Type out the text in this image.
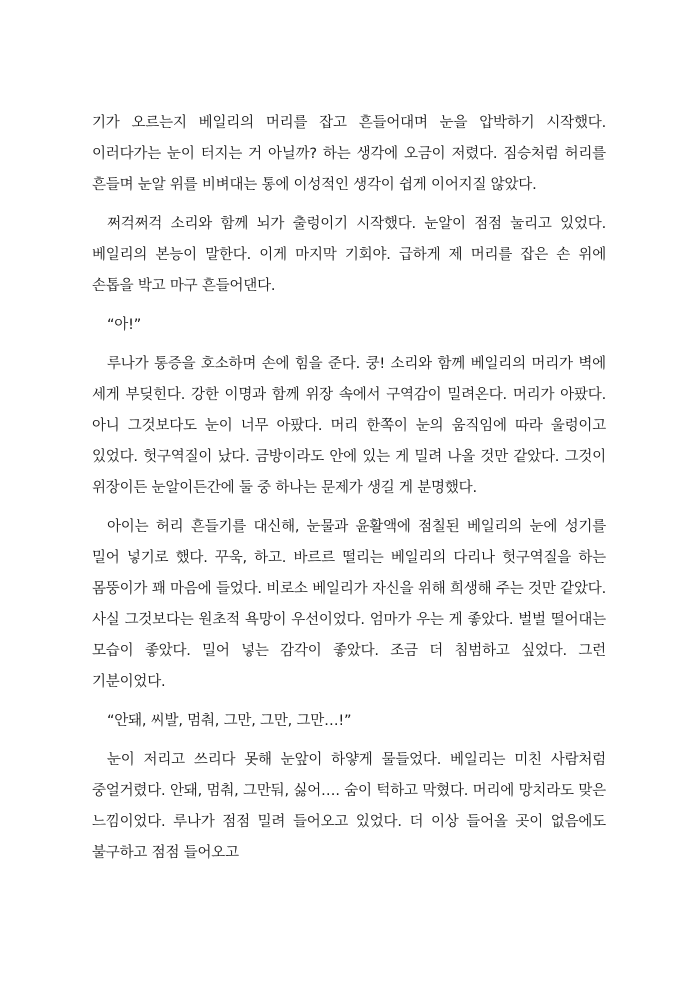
기가 오르는지 베일리의 머리를 잡고 흔들어대며 눈을 압박하기 시작했다. 이러다가는 눈이 터지는 거 아닐까? 하는 생각에 오금이 저렸다. 짐승처럼 허리를 흔들며 눈알 위를 비벼대는 통에 이성적인 생각이 쉽게 이어지질 않았다.

쩌걱쩌걱 소리와 함께 뇌가 출렁이기 시작했다. 눈알이 점점 눌리고 있었다. 베일리의 본능이 말한다. 이게 마지막 기회야. 급하게 제 머리를 잡은 손 위에 손톱을 박고 마구 흔들어댄다.

“아!”

루나가 통증을 호소하며 손에 힘을 준다. 쿵! 소리와 함께 베일리의 머리가 벽에 세게 부딪힌다. 강한 이명과 함께 위장 속에서 구역감이 밀려온다. 머리가 아팠다. 아니 그것보다도 눈이 너무 아팠다. 머리 한쪽이 눈의 움직임에 따라 울렁이고 있었다. 헛구역질이 났다. 금방이라도 안에 있는 게 밀려 나올 것만 같았다. 그것이 위장이든 눈알이든간에 둘 중 하나는 문제가 생길 게 분명했다.

아이는 허리 흔들기를 대신해, 눈물과 윤활액에 점칠된 베일리의 눈에 성기를 밀어 넣기로 했다. 꾸욱, 하고. 바르르 떨리는 베일리의 다리나 헛구역질을 하는 몸뚱이가 꽤 마음에 들었다. 비로소 베일리가 자신을 위해 희생해 주는 것만 같았다. 사실 그것보다는 원초적 욕망이 우선이었다. 엄마가 우는 게 좋았다. 벌벌 떨어대는 모습이 좋았다. 밀어 넣는 감각이 좋았다. 조금 더 침범하고 싶었다. 그런 기분이었다.

“안돼, 씨발, 멈춰, 그만, 그만, 그만…!”

눈이 저리고 쓰리다 못해 눈앞이 하얗게 물들었다. 베일리는 미친 사람처럼 중얼거렸다. 안돼, 멈춰, 그만둬, 싫어…. 숨이 턱하고 막혔다. 머리에 망치라도 맞은 느낌이었다. 루나가 점점 밀려 들어오고 있었다. 더 이상 들어올 곳이 없음에도 불구하고 점점 들어오고
